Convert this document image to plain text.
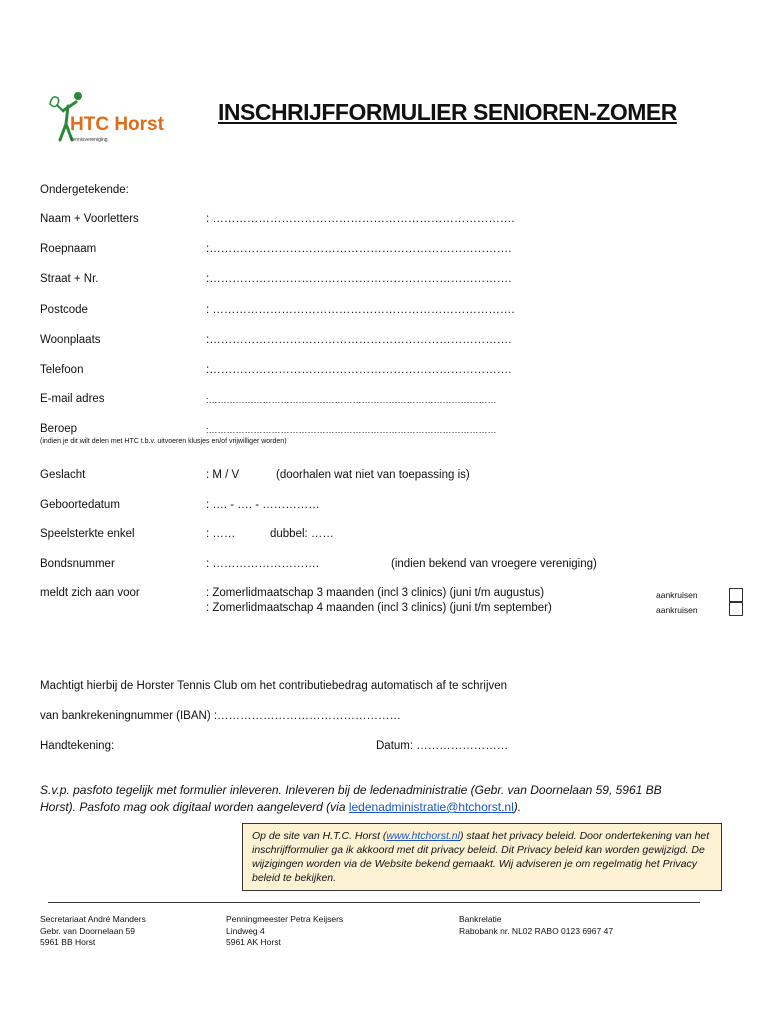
HTC Horst
Tennisvereniging
INSCHRIJFFORMULIER SENIOREN-ZOMER
Ondergetekende:
Naam + Voorletters	: …………………………………………………………………….
Roepnaam	:…………………………………………………………………….
Straat + Nr.	:…………………………………………………………………….
Postcode	: …………………………………………………………………….
Woonplaats	:…………………………………………………………………….
Telefoon	:…………………………………………………………………….
E-mail adres	:……………………………………………………………………………………
Beroep	:……………………………………………………………………………………
(indien je dit wilt delen met HTC t.b.v. uitvoeren klusjes en/of vrijwilliger worden)
Geslacht	: M / V	(doorhalen wat niet van toepassing is)
Geboortedatum	: …. - …. - ……………
Speelsterkte enkel	: ……	dubbel: ……
Bondsnummer	: ……………………….	(indien bekend van vroegere vereniging)
meldt zich aan voor	: Zomerlidmaatschap 3 maanden (incl 3 clinics) (juni t/m augustus)	aankruisen
: Zomerlidmaatschap 4 maanden (incl 3 clinics) (juni t/m september)	aankruisen
Machtigt hierbij de Horster Tennis Club om het contributiebedrag automatisch af te schrijven
van bankrekeningnummer (IBAN) :…………………………………………
Handtekening:	Datum: ……………………
S.v.p. pasfoto tegelijk met formulier inleveren. Inleveren bij de ledenadministratie (Gebr. van Doornelaan 59, 5961 BB Horst). Pasfoto mag ook digitaal worden aangeleverd (via ledenadministratie@htchorst.nl).
Op de site van H.T.C. Horst (www.htchorst.nl) staat het privacy beleid. Door ondertekening van het inschrijfformulier ga ik akkoord met dit privacy beleid. Dit Privacy beleid kan worden gewijzigd. De wijzigingen worden via de Website bekend gemaakt. Wij adviseren je om regelmatig het Privacy beleid te bekijken.
Secretariaat André Manders
Gebr. van Doornelaan 59
5961 BB Horst
Penningmeester Petra Keijsers
Lindweg 4
5961 AK Horst
Bankrelatie
Rabobank nr. NL02 RABO 0123 6967 47
